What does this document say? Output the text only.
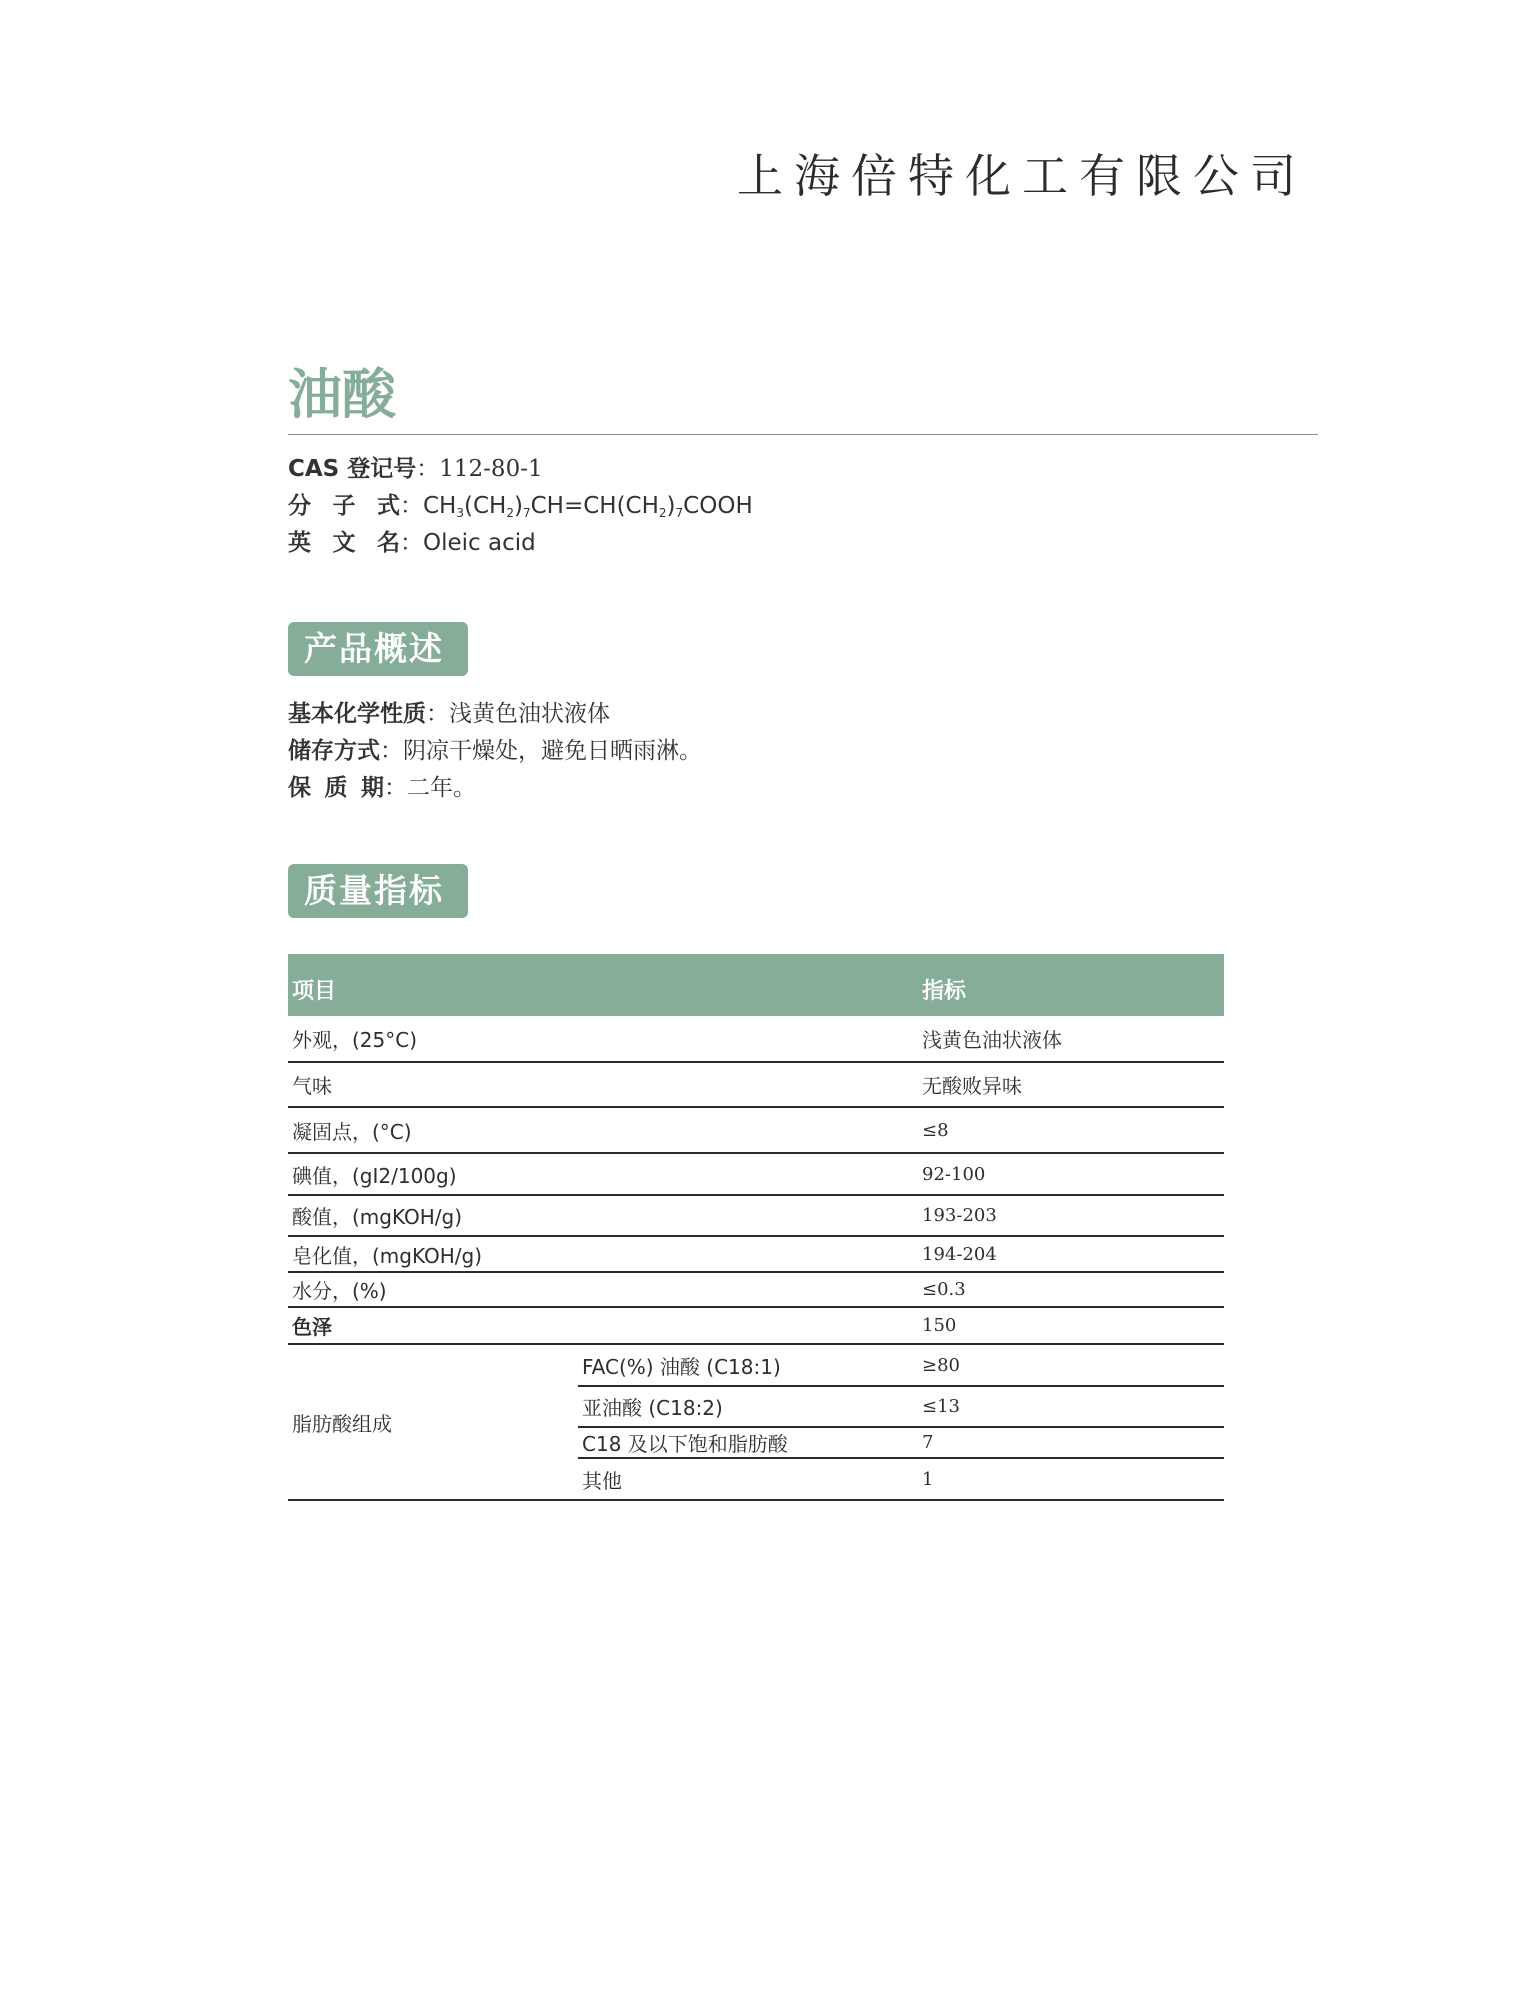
上海倍特化工有限公司
油酸
CAS 登记号：112-80-1
分 子 式 ：$CH_3(CH_2)_7CH=CH(CH_2)_7COOH$
英 文 名 ：Oleic acid
产品概述
基本化学性质：浅黄色油状液体
储存方式：阴凉干燥处，避免日晒雨淋。
保 质 期 ：二年。
质量指标
项目		指标
外观，(25°C)		浅黄色油状液体
气味		无酸败异味
凝固点，(°C)		≤8
碘值，(gI2/100g)		92-100
酸值，(mgKOH/g)		193-203
皂化值，(mgKOH/g)		194-204
水分，(%)		≤0.3
色泽		150
脂肪酸组成	FAC(%) 油酸 (C18:1)	≥80
	亚油酸 (C18:2)	≤13
	C18 及以下饱和脂肪酸	7
	其他	1
